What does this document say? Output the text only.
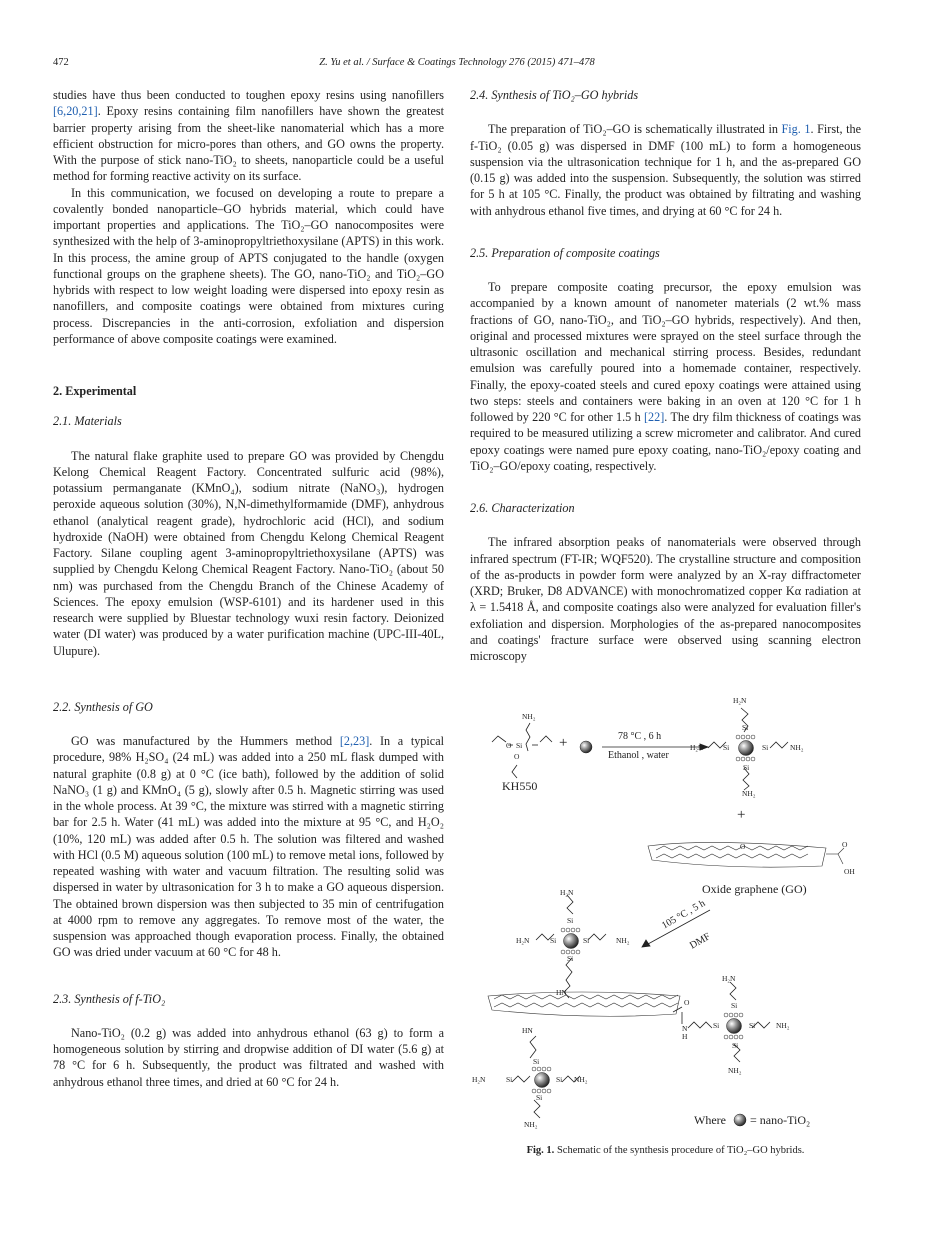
472	Z. Yu et al. / Surface & Coatings Technology 276 (2015) 471–478

studies have thus been conducted to toughen epoxy resins using nanofillers [6,20,21]. Epoxy resins containing film nanofillers have shown the greatest barrier property arising from the sheet-like nanomaterial which has a more efficient obstruction for micro-pores than others, and GO owns the property. With the purpose of stick nano-TiO₂ to sheets, nanoparticle could be a useful method for forming reactive activity on its surface.

In this communication, we focused on developing a route to prepare a covalently bonded nanoparticle–GO hybrids material, which could have important properties and applications. The TiO₂–GO nanocomposites were synthesized with the help of 3-aminopropyltriethoxysilane (APTS) in this work. In this process, the amine group of APTS conjugated to the handle (oxygen functional groups on the graphene sheets). The GO, nano-TiO₂ and TiO₂–GO hybrids with respect to low weight loading were dispersed into epoxy resin as nanofillers, and composite coatings were obtained from mixtures curing process. Discrepancies in the anti-corrosion, exfoliation and dispersion performance of above composite coatings were examined.

2. Experimental
2.1. Materials

The natural flake graphite used to prepare GO was provided by Chengdu Kelong Chemical Reagent Factory. Concentrated sulfuric acid (98%), potassium permanganate (KMnO₄), sodium nitrate (NaNO₃), hydrogen peroxide aqueous solution (30%), N,N-dimethylformamide (DMF), anhydrous ethanol (analytical reagent grade), hydrochloric acid (HCl), and sodium hydroxide (NaOH) were obtained from Chengdu Kelong Chemical Reagent Factory. Silane coupling agent 3-aminopropyltriethoxysilane (APTS) was supplied by Chengdu Kelong Chemical Reagent Factory. Nano-TiO₂ (about 50 nm) was purchased from the Chengdu Branch of the Chinese Academy of Sciences. The epoxy emulsion (WSP-6101) and its hardener used in this research were supplied by Bluestar technology wuxi resin factory. Deionized water (DI water) was produced by a water purification machine (UPC-III-40L, Ulupure).

2.2. Synthesis of GO

GO was manufactured by the Hummers method [2,23]. In a typical procedure, 98% H₂SO₄ (24 mL) was added into a 250 mL flask dumped with natural graphite (0.8 g) at 0 °C (ice bath), followed by the addition of solid NaNO₃ (1 g) and KMnO₄ (5 g), slowly after 0.5 h. Magnetic stirring was used in the whole process. At 39 °C, the mixture was stirred with a magnetic stirring bar for 2.5 h. Water (41 mL) was added into the mixture at 95 °C, and H₂O₂ (10%, 120 mL) was added after 0.5 h. The solution was filtered and washed with HCl (0.5 M) aqueous solution (100 mL) to remove metal ions, followed by repeated washing with water and vacuum filtration. The resulting solid was dispersed in water by ultrasonication for 3 h to make a GO aqueous dispersion. The obtained brown dispersion was then subjected to 35 min of centrifugation at 4000 rpm to remove any aggregates. To remove most of the water, the suspension was approached though evaporation process. Finally, the obtained GO was dried under vacuum at 60 °C for 48 h.

2.3. Synthesis of f-TiO₂

Nano-TiO₂ (0.2 g) was added into anhydrous ethanol (63 g) to form a homogeneous solution by stirring and dropwise addition of DI water (5.6 g) at 78 °C for 6 h. Subsequently, the product was filtrated and washed with anhydrous ethanol three times, and dried at 60 °C for 24 h.

2.4. Synthesis of TiO₂–GO hybrids

The preparation of TiO₂–GO is schematically illustrated in Fig. 1. First, the f-TiO₂ (0.05 g) was dispersed in DMF (100 mL) to form a homogeneous suspension via the ultrasonication technique for 1 h, and the as-prepared GO (0.15 g) was added into the suspension. Subsequently, the solution was stirred for 5 h at 105 °C. Finally, the product was obtained by filtrating and washing with anhydrous ethanol five times, and drying at 60 °C for 24 h.

2.5. Preparation of composite coatings

To prepare composite coating precursor, the epoxy emulsion was accompanied by a known amount of nanometer materials (2 wt.% mass fractions of GO, nano-TiO₂, and TiO₂–GO hybrids, respectively). And then, original and processed mixtures were sprayed on the steel surface through the ultrasonic oscillation and mechanical stirring process. Besides, redundant emulsion was carefully poured into a homemade container, respectively. Finally, the epoxy-coated steels and cured epoxy coatings were attained using two steps: steels and containers were baking in an oven at 120 °C for 1 h followed by 220 °C for other 1.5 h [22]. The dry film thickness of coatings was required to be measured utilizing a screw micrometer and calibrator. And cured epoxy coatings were named pure epoxy coating, nano-TiO₂/epoxy coating and TiO₂–GO/epoxy coating, respectively.

2.6. Characterization

The infrared absorption peaks of nanomaterials were observed through infrared spectrum (FT-IR; WQF520). The crystalline structure and composition of the as-products in powder form were analyzed by an X-ray diffractometer (XRD; Bruker, D8 ADVANCE) with monochromatized copper Kα radiation at λ = 1.5418 Å, and composite coatings also were analyzed for evaluation filler's exfoliation and dispersion. Morphologies of the as-prepared nanocomposites and coatings' fracture surface were observed using scanning electron microscopy

NH₂
O Si
O
KH550
+	78 °C , 6 h
Ethanol , water
H₂N
Si
H₂N	Si	Si	NH₂
Si
NH₂
+
O	O
OH
Oxide graphene (GO)
105 °C , 5 h
DMF
H₂N
Si
H₂N	Si	Si	NH₂
Si
HN
HN
Si
H₂N	Si	Si NH₂
Si
NH₂
O
N
H
H₂N
Si
Si	Si	NH₂
Si
NH₂
Where = nano-TiO₂
Fig. 1. Schematic of the synthesis procedure of TiO₂–GO hybrids.
